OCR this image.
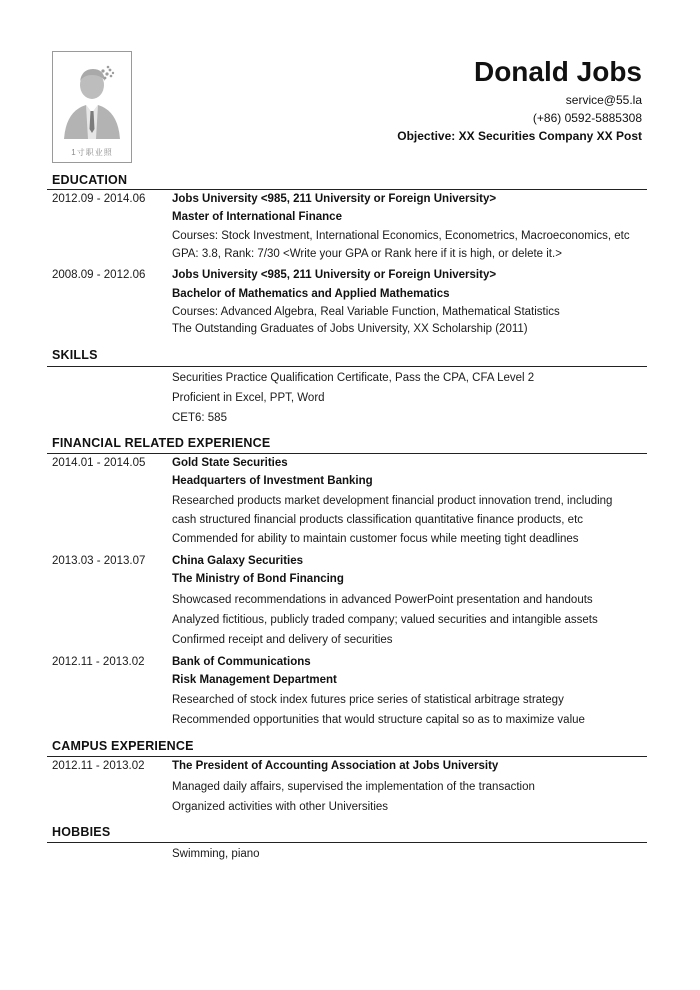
1寸职业照
Donald Jobs
service@55.la
(+86) 0592-5885308
Objective: XX Securities Company XX Post
EDUCATION
2012.09 - 2014.06 Jobs University <985, 211 University or Foreign University>
Master of International Finance
Courses: Stock Investment, International Economics, Econometrics, Macroeconomics, etc
GPA: 3.8, Rank: 7/30 <Write your GPA or Rank here if it is high, or delete it.>
2008.09 - 2012.06 Jobs University <985, 211 University or Foreign University>
Bachelor of Mathematics and Applied Mathematics
Courses: Advanced Algebra, Real Variable Function, Mathematical Statistics
The Outstanding Graduates of Jobs University, XX Scholarship (2011)
SKILLS
Securities Practice Qualification Certificate, Pass the CPA, CFA Level 2
Proficient in Excel, PPT, Word
CET6: 585
FINANCIAL RELATED EXPERIENCE
2014.01 - 2014.05 Gold State Securities
Headquarters of Investment Banking
Researched products market development financial product innovation trend, including
cash structured financial products classification quantitative finance products, etc
Commended for ability to maintain customer focus while meeting tight deadlines
2013.03 - 2013.07 China Galaxy Securities
The Ministry of Bond Financing
Showcased recommendations in advanced PowerPoint presentation and handouts
Analyzed fictitious, publicly traded company; valued securities and intangible assets
Confirmed receipt and delivery of securities
2012.11 - 2013.02 Bank of Communications
Risk Management Department
Researched of stock index futures price series of statistical arbitrage strategy
Recommended opportunities that would structure capital so as to maximize value
CAMPUS EXPERIENCE
2012.11 - 2013.02 The President of Accounting Association at Jobs University
Managed daily affairs, supervised the implementation of the transaction
Organized activities with other Universities
HOBBIES
Swimming, piano
